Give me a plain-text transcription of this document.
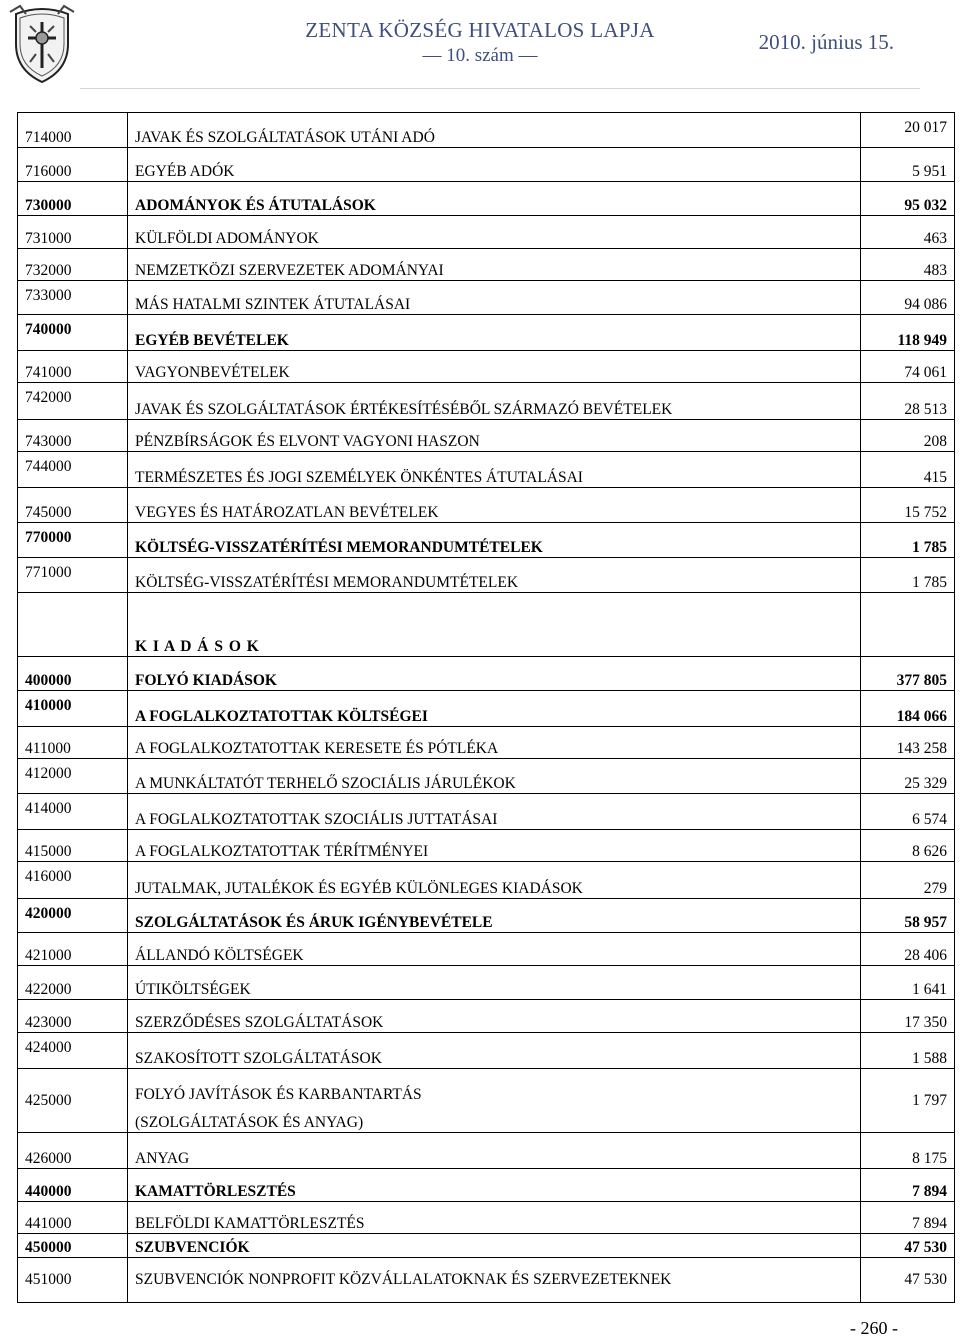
ZENTA KÖZSÉG HIVATALOS LAPJA
― 10. szám ―
2010. június 15.
714000	JAVAK ÉS SZOLGÁLTATÁSOK UTÁNI ADÓ	20 017
716000	EGYÉB ADÓK	5 951
730000	ADOMÁNYOK ÉS ÁTUTALÁSOK	95 032
731000	KÜLFÖLDI ADOMÁNYOK	463
732000	NEMZETKÖZI SZERVEZETEK ADOMÁNYAI	483
733000	MÁS HATALMI SZINTEK ÁTUTALÁSAI	94 086
740000	EGYÉB BEVÉTELEK	118 949
741000	VAGYONBEVÉTELEK	74 061
742000	JAVAK ÉS SZOLGÁLTATÁSOK ÉRTÉKESÍTÉSÉBŐL SZÁRMAZÓ BEVÉTELEK	28 513
743000	PÉNZBÍRSÁGOK ÉS ELVONT VAGYONI HASZON	208
744000	TERMÉSZETES ÉS JOGI SZEMÉLYEK ÖNKÉNTES ÁTUTALÁSAI	415
745000	VEGYES ÉS HATÁROZATLAN BEVÉTELEK	15 752
770000	KÖLTSÉG-VISSZATÉRÍTÉSI MEMORANDUMTÉTELEK	1 785
771000	KÖLTSÉG-VISSZATÉRÍTÉSI MEMORANDUMTÉTELEK	1 785
	K I A D Á S O K	
400000	FOLYÓ KIADÁSOK	377 805
410000	A FOGLALKOZTATOTTAK KÖLTSÉGEI	184 066
411000	A FOGLALKOZTATOTTAK KERESETE ÉS PÓTLÉKA	143 258
412000	A MUNKÁLTATÓT TERHELŐ SZOCIÁLIS JÁRULÉKOK	25 329
414000	A FOGLALKOZTATOTTAK SZOCIÁLIS JUTTATÁSAI	6 574
415000	A FOGLALKOZTATOTTAK TÉRÍTMÉNYEI	8 626
416000	JUTALMAK, JUTALÉKOK ÉS EGYÉB KÜLÖNLEGES KIADÁSOK	279
420000	SZOLGÁLTATÁSOK ÉS ÁRUK IGÉNYBEVÉTELE	58 957
421000	ÁLLANDÓ KÖLTSÉGEK	28 406
422000	ÚTIKÖLTSÉGEK	1 641
423000	SZERZŐDÉSES SZOLGÁLTATÁSOK	17 350
424000	SZAKOSÍTOTT SZOLGÁLTATÁSOK	1 588
425000	FOLYÓ JAVÍTÁSOK ÉS KARBANTARTÁS
(SZOLGÁLTATÁSOK ÉS ANYAG)	1 797
426000	ANYAG	8 175
440000	KAMATTÖRLESZTÉS	7 894
441000	BELFÖLDI KAMATTÖRLESZTÉS	7 894
450000	SZUBVENCIÓK	47 530
451000	SZUBVENCIÓK NONPROFIT KÖZVÁLLALATOKNAK ÉS SZERVEZETEKNEK	47 530
- 260 -
